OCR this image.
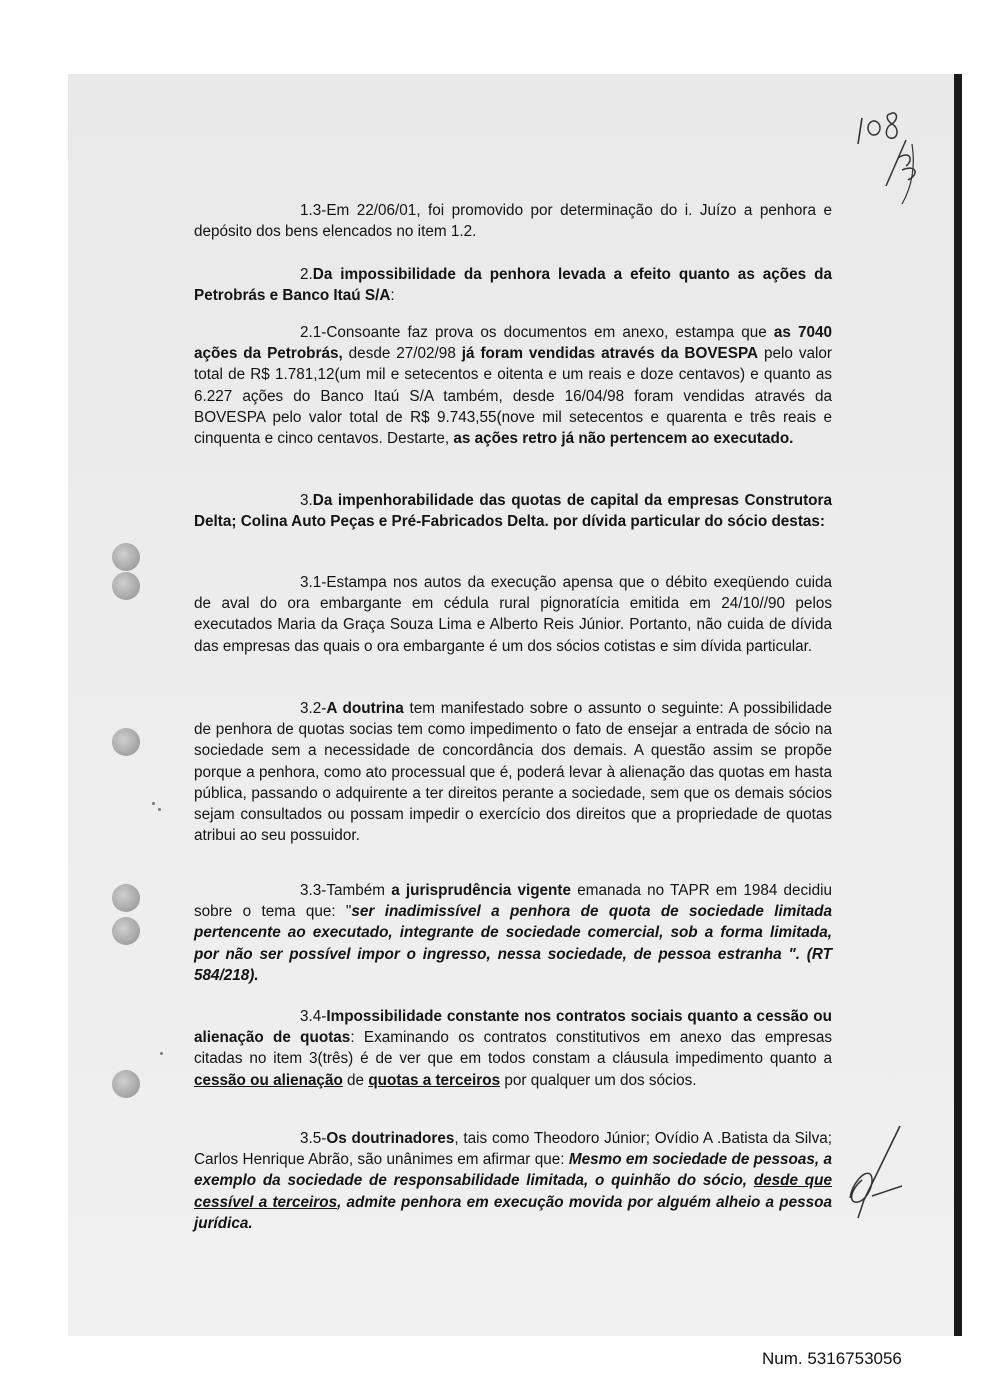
1.3-Em 22/06/01, foi promovido por determinação do i. Juízo a penhora e depósito dos bens elencados no item 1.2.

2.Da impossibilidade da penhora levada a efeito quanto as ações da Petrobrás e Banco Itaú S/A:

2.1-Consoante faz prova os documentos em anexo, estampa que as 7040 ações da Petrobrás, desde 27/02/98 já foram vendidas através da BOVESPA pelo valor total de R$ 1.781,12(um mil e setecentos e oitenta e um reais e doze centavos) e quanto as 6.227 ações do Banco Itaú S/A também, desde 16/04/98 foram vendidas através da BOVESPA pelo valor total de R$ 9.743,55(nove mil setecentos e quarenta e três reais e cinquenta e cinco centavos. Destarte, as ações retro já não pertencem ao executado.

3.Da impenhorabilidade das quotas de capital da empresas Construtora Delta; Colina Auto Peças e Pré-Fabricados Delta. por dívida particular do sócio destas:

3.1-Estampa nos autos da execução apensa que o débito exeqüendo cuida de aval do ora embargante em cédula rural pignoratícia emitida em 24/10//90 pelos executados Maria da Graça Souza Lima e Alberto Reis Júnior. Portanto, não cuida de dívida das empresas das quais o ora embargante é um dos sócios cotistas e sim dívida particular.

3.2-A doutrina tem manifestado sobre o assunto o seguinte: A possibilidade de penhora de quotas socias tem como impedimento o fato de ensejar a entrada de sócio na sociedade sem a necessidade de concordância dos demais. A questão assim se propõe porque a penhora, como ato processual que é, poderá levar à alienação das quotas em hasta pública, passando o adquirente a ter direitos perante a sociedade, sem que os demais sócios sejam consultados ou possam impedir o exercício dos direitos que a propriedade de quotas atribui ao seu possuidor.

3.3-Também a jurisprudência vigente emanada no TAPR em 1984 decidiu sobre o tema que: "ser inadimissível a penhora de quota de sociedade limitada pertencente ao executado, integrante de sociedade comercial, sob a forma limitada, por não ser possível impor o ingresso, nessa sociedade, de pessoa estranha ". (RT 584/218).

3.4-Impossibilidade constante nos contratos sociais quanto a cessão ou alienação de quotas: Examinando os contratos constitutivos em anexo das empresas citadas no item 3(três) é de ver que em todos constam a cláusula impedimento quanto a cessão ou alienação de quotas a terceiros por qualquer um dos sócios.

3.5-Os doutrinadores, tais como Theodoro Júnior; Ovídio A .Batista da Silva; Carlos Henrique Abrão, são unânimes em afirmar que: Mesmo em sociedade de pessoas, a exemplo da sociedade de responsabilidade limitada, o quinhão do sócio, desde que cessível a terceiros, admite penhora em execução movida por alguém alheio a pessoa jurídica.

Num. 5316753056
